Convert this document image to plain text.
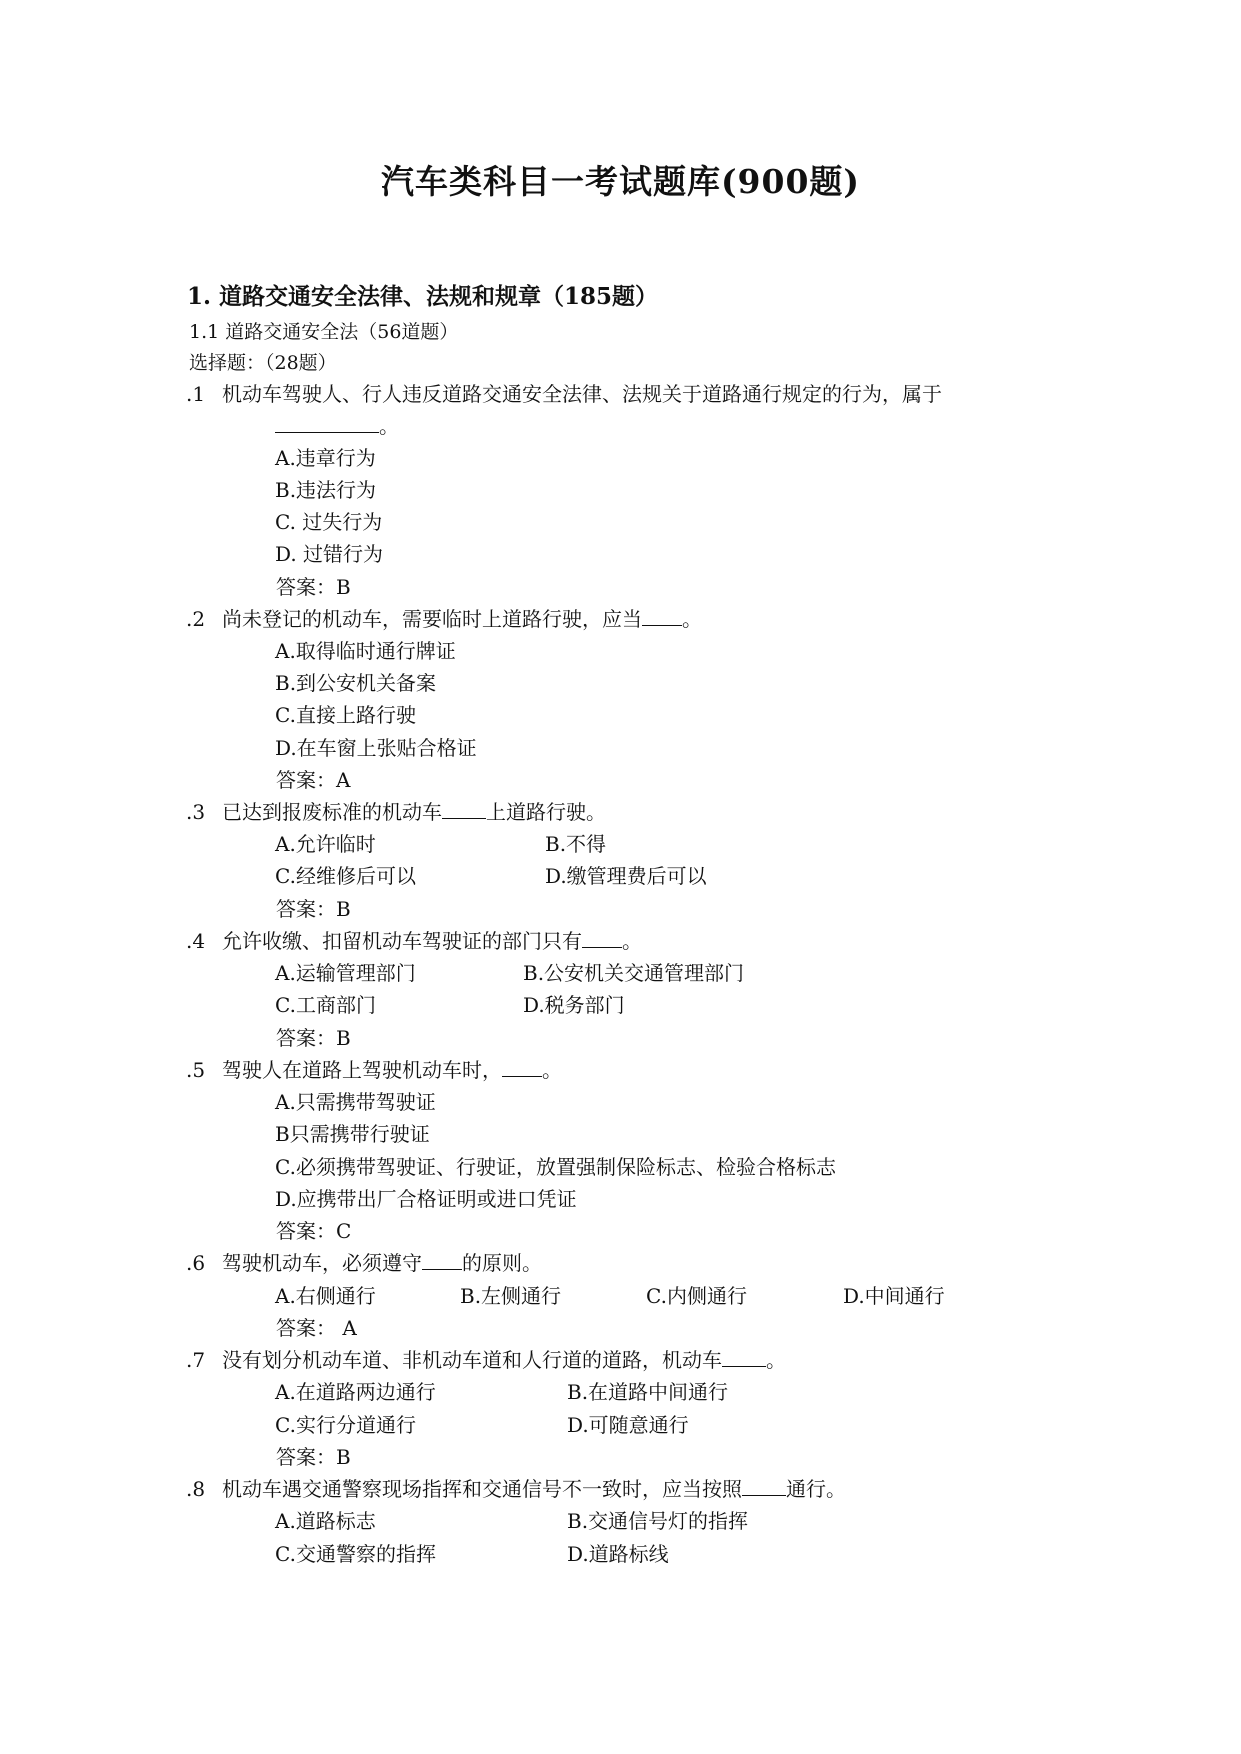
汽车类科目一考试题库(900题)
1. 道路交通安全法律、法规和规章（185题）
1.1 道路交通安全法（56道题）
选择题：（28题）
.1 机动车驾驶人、行人违反道路交通安全法律、法规关于道路通行规定的行为，属于
。
A.违章行为
B.违法行为
C. 过失行为
D. 过错行为
答案：B
.2 尚未登记的机动车，需要临时上道路行驶，应当 。
A.取得临时通行牌证
B.到公安机关备案
C.直接上路行驶
D.在车窗上张贴合格证
答案：A
.3 已达到报废标准的机动车 上道路行驶。
A.允许临时	B.不得
C.经维修后可以	D.缴管理费后可以
答案：B
.4 允许收缴、扣留机动车驾驶证的部门只有 。
A.运输管理部门	B.公安机关交通管理部门
C.工商部门	D.税务部门
答案：B
.5 驾驶人在道路上驾驶机动车时， 。
A.只需携带驾驶证
B只需携带行驶证
C.必须携带驾驶证、行驶证，放置强制保险标志、检验合格标志
D.应携带出厂合格证明或进口凭证
答案：C
.6 驾驶机动车，必须遵守 的原则。
A.右侧通行	B.左侧通行	C.内侧通行	D.中间通行
答案： A
.7 没有划分机动车道、非机动车道和人行道的道路，机动车 。
A.在道路两边通行	B.在道路中间通行
C.实行分道通行	D.可随意通行
答案：B
.8 机动车遇交通警察现场指挥和交通信号不一致时，应当按照 通行。
A.道路标志	B.交通信号灯的指挥
C.交通警察的指挥	D.道路标线
